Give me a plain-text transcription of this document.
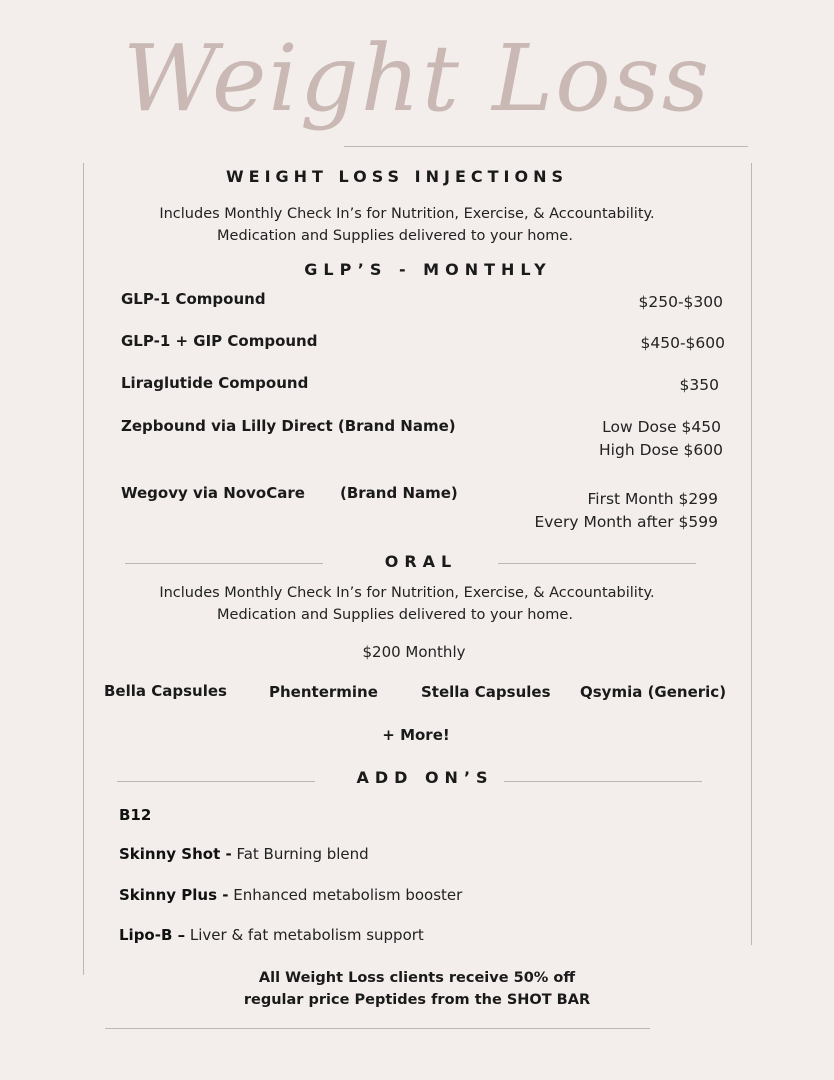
Weight Loss
WEIGHT LOSS INJECTIONS
Includes Monthly Check In’s for Nutrition, Exercise, & Accountability.
Medication and Supplies delivered to your home.
GLP’S - MONTHLY
GLP-1 Compound	$250-$300
GLP-1 + GIP Compound	$450-$600
Liraglutide Compound	$350
Zepbound via Lilly Direct (Brand Name)	Low Dose $450
High Dose $600
Wegovy via NovoCare (Brand Name)	First Month $299
Every Month after $599
ORAL
Includes Monthly Check In’s for Nutrition, Exercise, & Accountability.
Medication and Supplies delivered to your home.
$200 Monthly
Bella Capsules	Phentermine	Stella Capsules Qsymia (Generic)
+ More!
ADD ON’S
B12
Skinny Shot - Fat Burning blend
Skinny Plus - Enhanced metabolism booster
Lipo-B – Liver & fat metabolism support
All Weight Loss clients receive 50% off
regular price Peptides from the SHOT BAR
